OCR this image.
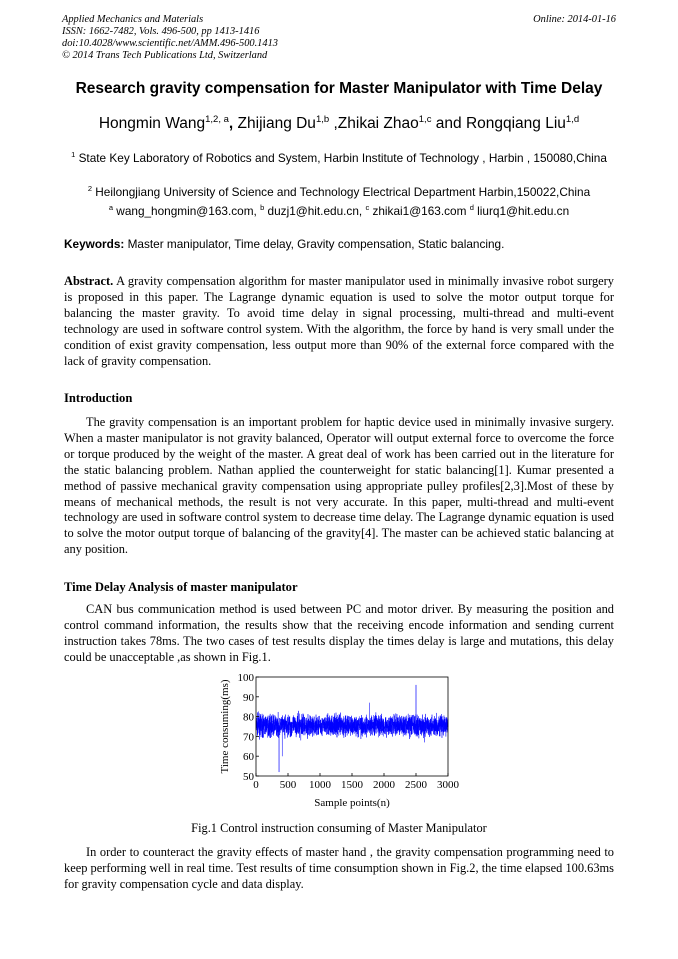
Applied Mechanics and Materials
ISSN: 1662-7482, Vols. 496-500, pp 1413-1416
doi:10.4028/www.scientific.net/AMM.496-500.1413
© 2014 Trans Tech Publications Ltd, Switzerland
Online: 2014-01-16
Research gravity compensation for Master Manipulator with Time Delay
Hongmin Wang$^{1,2, a}$, Zhijiang Du$^{1,b}$ ,Zhikai Zhao$^{1,c}$ and Rongqiang Liu$^{1,d}$
$^1$ State Key Laboratory of Robotics and System, Harbin Institute of Technology , Harbin , 150080,China
$^2$ Heilongjiang University of Science and Technology Electrical Department Harbin,150022,China
$^a$ wang_hongmin@163.com, $^b$ duzj1@hit.edu.cn, $^c$ zhikai1@163.com $^d$ liurq1@hit.edu.cn
Keywords: Master manipulator, Time delay, Gravity compensation, Static balancing.
Abstract. A gravity compensation algorithm for master manipulator used in minimally invasive robot surgery is proposed in this paper. The Lagrange dynamic equation is used to solve the motor output torque for balancing the master gravity. To avoid time delay in signal processing, multi-thread and multi-event technology are used in software control system. With the algorithm, the force by hand is very small under the condition of exist gravity compensation, less output more than 90% of the external force compared with the lack of gravity compensation.
Introduction
The gravity compensation is an important problem for haptic device used in minimally invasive surgery. When a master manipulator is not gravity balanced, Operator will output external force to overcome the force or torque produced by the weight of the master. A great deal of work has been carried out in the literature for the static balancing problem. Nathan applied the counterweight for static balancing[1]. Kumar presented a method of passive mechanical gravity compensation using appropriate pulley profiles[2,3].Most of these by means of mechanical methods, the result is not very accurate. In this paper, multi-thread and multi-event technology are used in software control system to decrease time delay. The Lagrange dynamic equation is used to solve the motor output torque of balancing of the gravity[4]. The master can be achieved static balancing at any position.
Time Delay Analysis of master manipulator
CAN bus communication method is used between PC and motor driver. By measuring the position and control command information, the results show that the receiving encode information and sending current instruction takes 78ms. The two cases of test results display the times delay is large and mutations, this delay could be unacceptable ,as shown in Fig.1.
0 500 1000 1500 2000 2500 3000
50
60
70
80
90
100
Sample points(n)
Time consuming(ms)
Fig.1 Control instruction consuming of Master Manipulator
In order to counteract the gravity effects of master hand , the gravity compensation programming need to keep performing well in real time. Test results of time consumption shown in Fig.2, the time elapsed 100.63ms for gravity compensation cycle and data display.
